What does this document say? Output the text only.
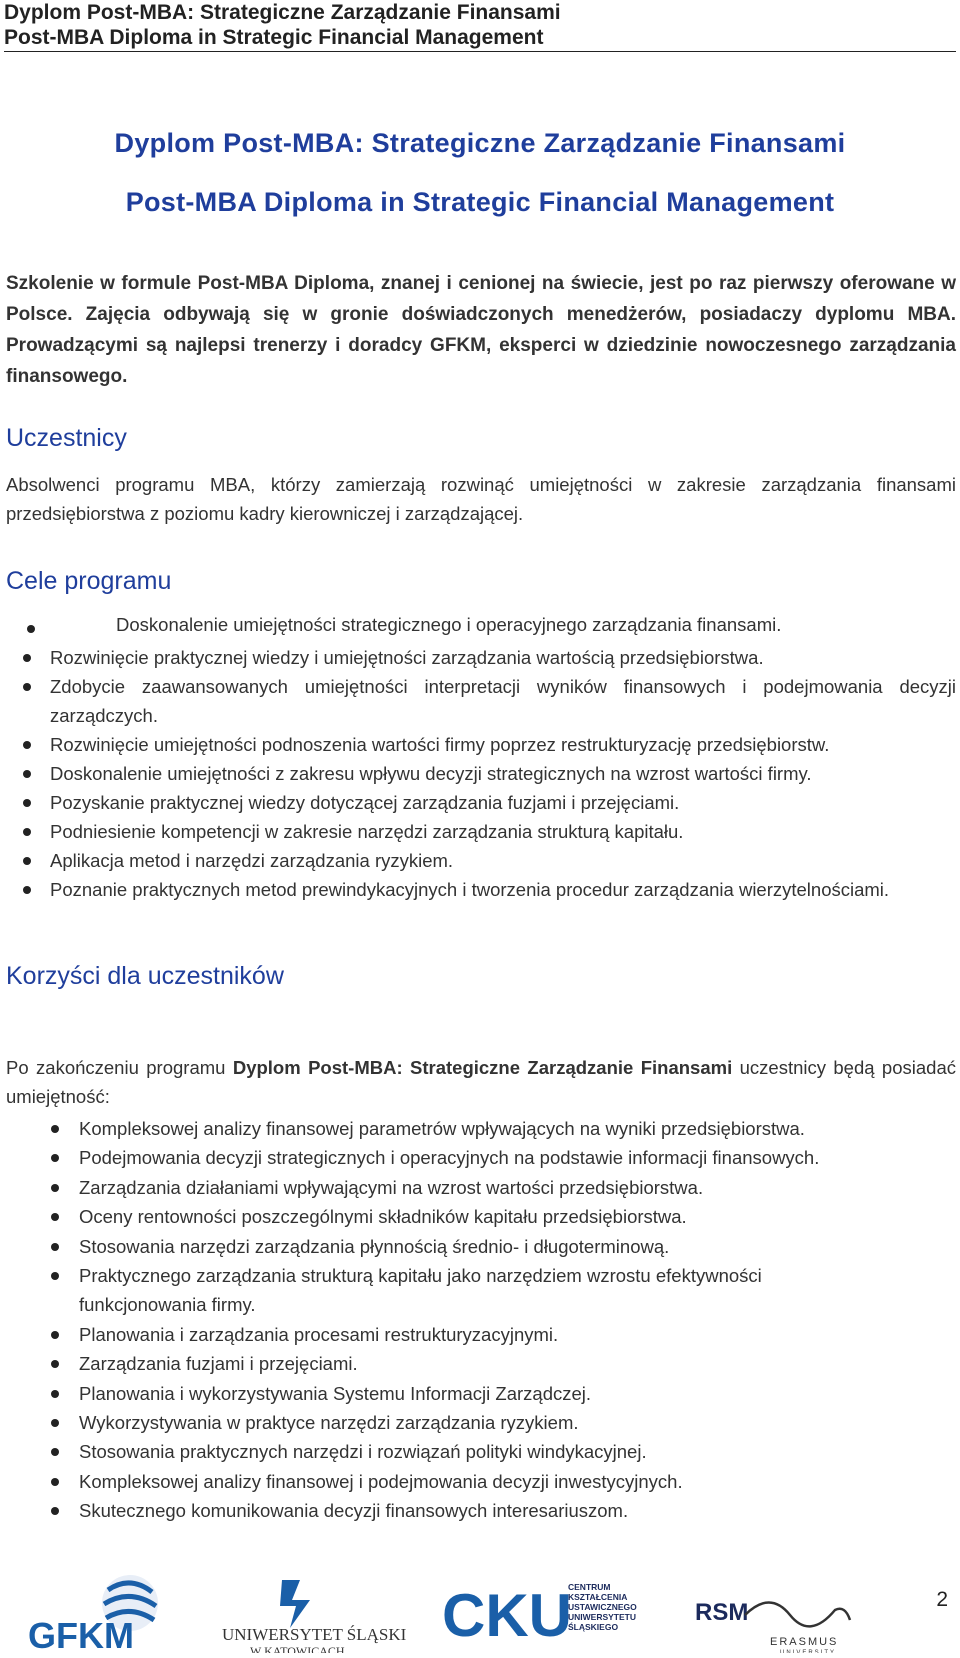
Dyplom Post-MBA: Strategiczne Zarządzanie Finansami
Post-MBA Diploma in Strategic Financial Management
Dyplom Post-MBA: Strategiczne Zarządzanie Finansami
Post-MBA Diploma in Strategic Financial Management

Szkolenie w formule Post-MBA Diploma, znanej i cenionej na świecie, jest po raz pierwszy oferowane w Polsce. Zajęcia odbywają się w gronie doświadczonych menedżerów, posiadaczy dyplomu MBA. Prowadzącymi są najlepsi trenerzy i doradcy GFKM, eksperci w dziedzinie nowoczesnego zarządzania finansowego.

Uczestnicy

Absolwenci programu MBA, którzy zamierzają rozwinąć umiejętności w zakresie zarządzania finansami przedsiębiorstwa z poziomu kadry kierowniczej i zarządzającej.

Cele programu
Doskonalenie umiejętności strategicznego i operacyjnego zarządzania finansami.
Rozwinięcie praktycznej wiedzy i umiejętności zarządzania wartością przedsiębiorstwa.
Zdobycie zaawansowanych umiejętności interpretacji wyników finansowych i podejmowania decyzji zarządczych.
Rozwinięcie umiejętności podnoszenia wartości firmy poprzez restrukturyzację przedsiębiorstw.
Doskonalenie umiejętności z zakresu wpływu decyzji strategicznych na wzrost wartości firmy.
Pozyskanie praktycznej wiedzy dotyczącej zarządzania fuzjami i przejęciami.
Podniesienie kompetencji w zakresie narzędzi zarządzania strukturą kapitału.
Aplikacja metod i narzędzi zarządzania ryzykiem.
Poznanie praktycznych metod prewindykacyjnych i tworzenia procedur zarządzania wierzytelnościami.
Korzyści dla uczestników

Po zakończeniu programu Dyplom Post-MBA: Strategiczne Zarządzanie Finansami uczestnicy będą posiadać umiejętność:

Kompleksowej analizy finansowej parametrów wpływających na wyniki przedsiębiorstwa.
Podejmowania decyzji strategicznych i operacyjnych na podstawie informacji finansowych.
Zarządzania działaniami wpływającymi na wzrost wartości przedsiębiorstwa.
Oceny rentowności poszczególnymi składników kapitału przedsiębiorstwa.
Stosowania narzędzi zarządzania płynnością średnio- i długoterminową.
Praktycznego zarządzania strukturą kapitału jako narzędziem wzrostu efektywności funkcjonowania firmy.
Planowania i zarządzania procesami restrukturyzacyjnymi.
Zarządzania fuzjami i przejęciami.
Planowania i wykorzystywania Systemu Informacji Zarządczej.
Wykorzystywania w praktyce narzędzi zarządzania ryzykiem.
Stosowania praktycznych narzędzi i rozwiązań polityki windykacyjnej.
Kompleksowej analizy finansowej i podejmowania decyzji inwestycyjnych.
Skutecznego komunikowania decyzji finansowych interesariuszom.
GFKM	UNIWERSYTET ŚLĄSKI
W KATOWICACH
CKU
CENTRUM
KSZTAŁCENIA
USTAWICZNEGO
UNIWERSYTETU
ŚLĄSKIEGO
RSM
ERASMUS
UNIVERSITY
2
